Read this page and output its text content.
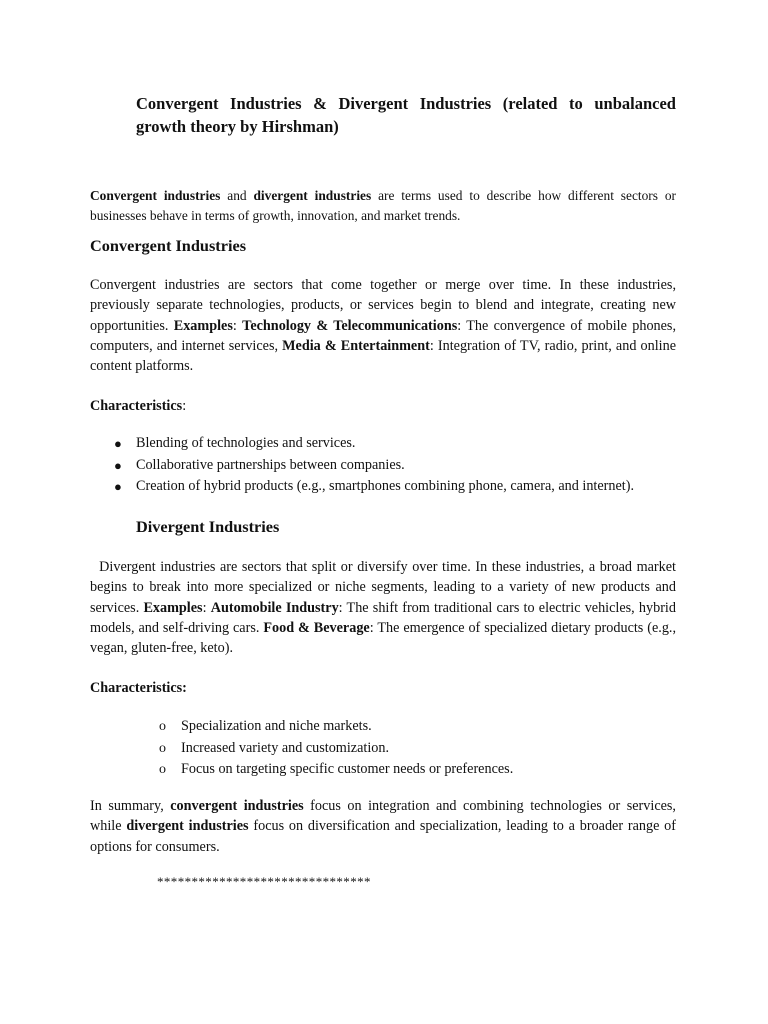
Convergent Industries & Divergent Industries (related to unbalanced growth theory by Hirshman)

Convergent industries and divergent industries are terms used to describe how different sectors or businesses behave in terms of growth, innovation, and market trends.

Convergent Industries

Convergent industries are sectors that come together or merge over time. In these industries, previously separate technologies, products, or services begin to blend and integrate, creating new opportunities. Examples: Technology & Telecommunications: The convergence of mobile phones, computers, and internet services, Media & Entertainment: Integration of TV, radio, print, and online content platforms.

Characteristics:

● Blending of technologies and services.
● Collaborative partnerships between companies.
● Creation of hybrid products (e.g., smartphones combining phone, camera, and internet).
Divergent Industries

Divergent industries are sectors that split or diversify over time. In these industries, a broad market begins to break into more specialized or niche segments, leading to a variety of new products and services. Examples: Automobile Industry: The shift from traditional cars to electric vehicles, hybrid models, and self-driving cars. Food & Beverage: The emergence of specialized dietary products (e.g., vegan, gluten-free, keto).

Characteristics:

o Specialization and niche markets.
o Increased variety and customization.
o Focus on targeting specific customer needs or preferences.

In summary, convergent industries focus on integration and combining technologies or services, while divergent industries focus on diversification and specialization, leading to a broader range of options for consumers.

*******************************
